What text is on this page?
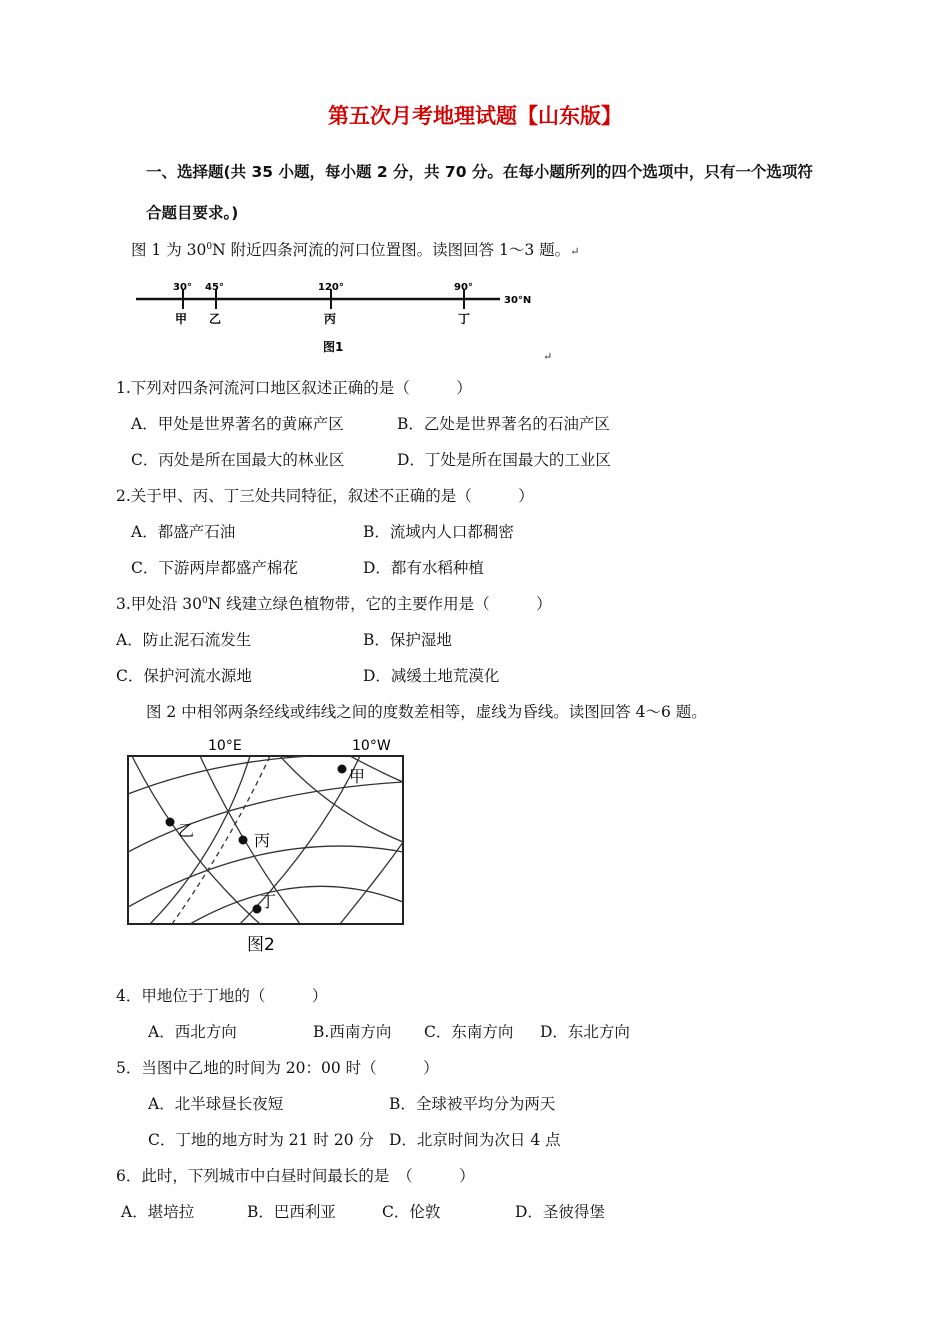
第五次月考地理试题【山东版】
一、选择题(共 35 小题，每小题 2 分，共 70 分。在每小题所列的四个选项中，只有一个选项符
合题目要求。)
图 1 为 $30^0N$ 附近四条河流的河口位置图。读图回答 1～3 题。↵
30° 45°	120°	90°
30°N
甲 乙	丙	丁
图1
↵
1.下列对四条河流河口地区叙述正确的是（　　　）
A．甲处是世界著名的黄麻产区	B．乙处是世界著名的石油产区
C．丙处是所在国最大的林业区	D．丁处是所在国最大的工业区
2.关于甲、丙、丁三处共同特征，叙述不正确的是（　　　）
A．都盛产石油	B．流域内人口都稠密
C．下游两岸都盛产棉花	D．都有水稻种植
3.甲处沿 $30^0N$ 线建立绿色植物带，它的主要作用是（　　　）
A．防止泥石流发生	B．保护湿地
C．保护河流水源地	D．减缓土地荒漠化
图 2 中相邻两条经线或纬线之间的度数差相等，虚线为昏线。读图回答 4～6 题。
10°E	10°W
甲
乙
丙
丁
图2
4．甲地位于丁地的（　　　）
A．西北方向	B.西南方向 C．东南方向 D．东北方向
5．当图中乙地的时间为 20：00 时（　　　）
A．北半球昼长夜短	B．全球被平均分为两天
C．丁地的地方时为 21 时 20 分 D．北京时间为次日 4 点
6．此时，下列城市中白昼时间最长的是　（　　　）
A．堪培拉	B．巴西利亚	C．伦敦	D．圣彼得堡
